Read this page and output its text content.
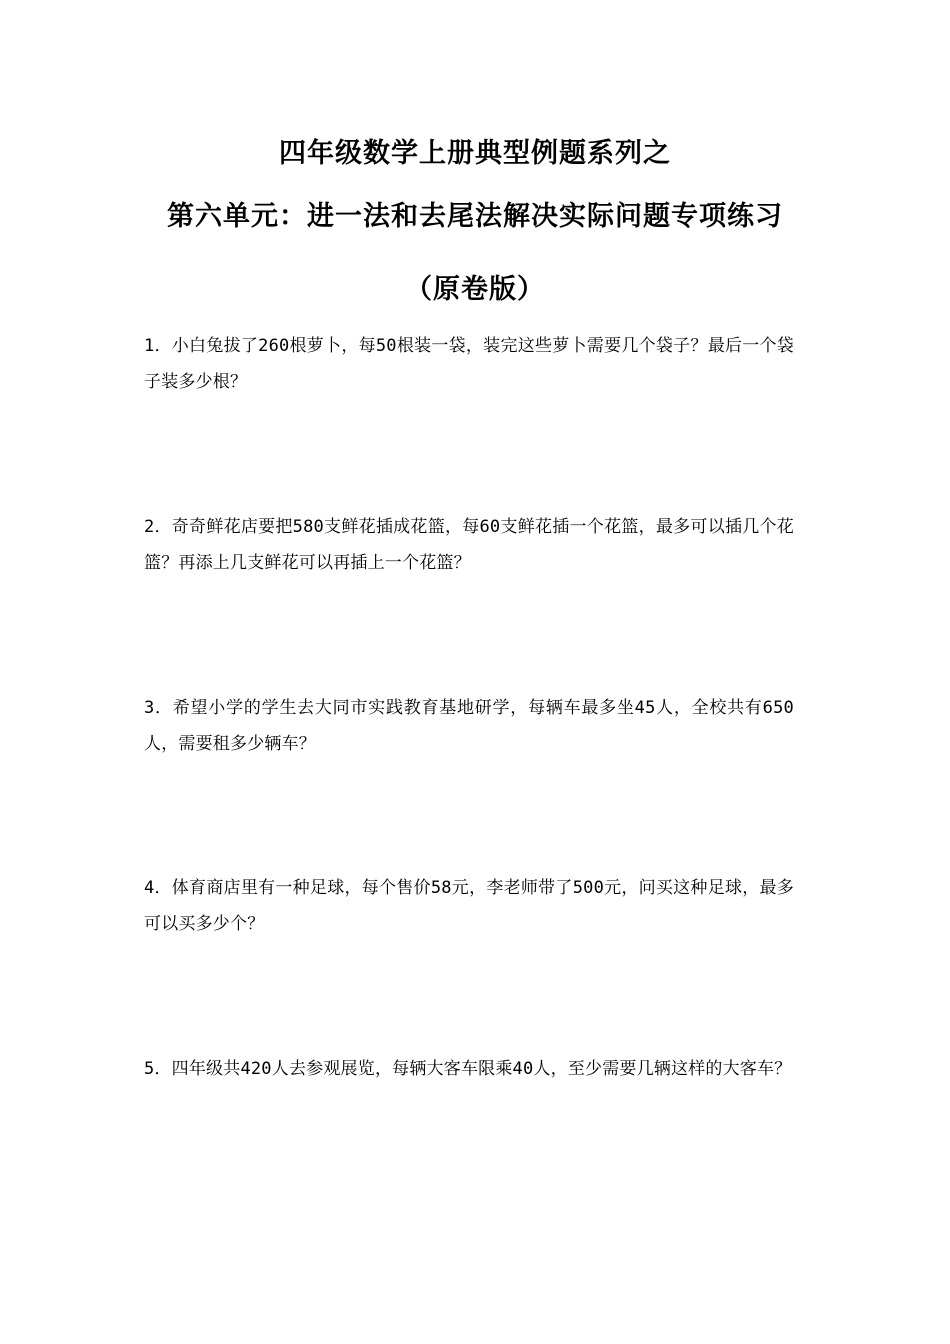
四年级数学上册典型例题系列之
第六单元：进一法和去尾法解决实际问题专项练习
（原卷版）
1．小白兔拔了260根萝卜，每50根装一袋，装完这些萝卜需要几个袋子？最后一个袋子装多少根？
2．奇奇鲜花店要把580支鲜花插成花篮，每60支鲜花插一个花篮，最多可以插几个花篮？再添上几支鲜花可以再插上一个花篮？
3．希望小学的学生去大同市实践教育基地研学，每辆车最多坐45人，全校共有650人，需要租多少辆车？
4．体育商店里有一种足球，每个售价58元，李老师带了500元，问买这种足球，最多可以买多少个？
5．四年级共420人去参观展览，每辆大客车限乘40人，至少需要几辆这样的大客车？
